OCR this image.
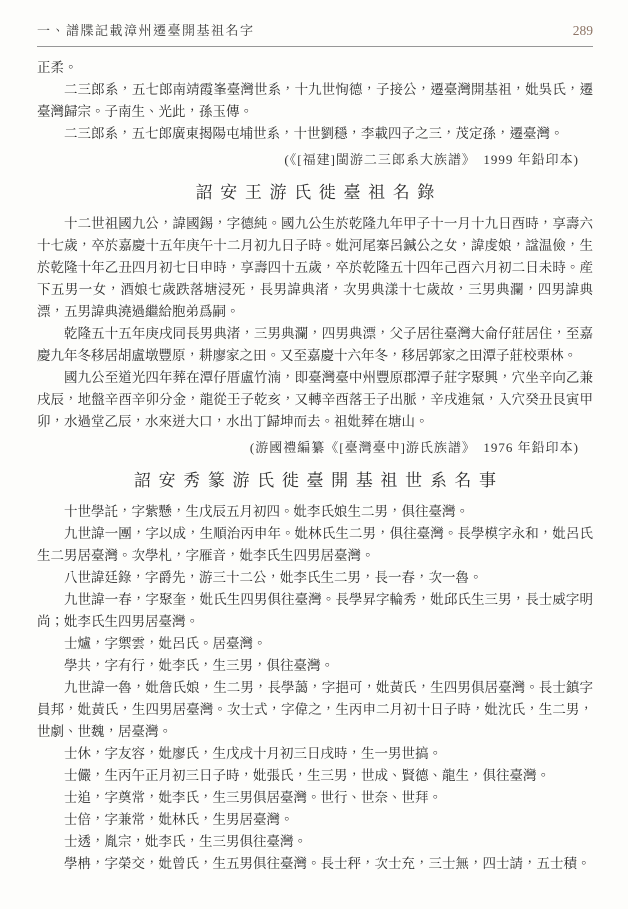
一、譜牒記載漳州遷臺開基祖名字	289

正柔。

二三郎系，五七郎南靖霞峯臺灣世系，十九世恂德，子接公，遷臺灣開基祖，妣吳氏，遷臺灣歸宗。子南生、光此，孫玉傳。

二三郎系，五七郎廣東揭陽屯埔世系，十世劉穩，李載四子之三，茂定孫，遷臺灣。

(《[福建]閩游二三郎系大族譜》　1999 年鉛印本)

詔安王游氏徙臺祖名錄

十二世祖國九公，諱國錫，字德純。國九公生於乾隆九年甲子十一月十九日酉時，享壽六十七歲，卒於嘉慶十五年庚午十二月初九日子時。妣河尾寨呂鍼公之女，諱虔娘，諡温儉，生於乾隆十年乙丑四月初七日申時，享壽四十五歲，卒於乾隆五十四年己酉六月初二日未時。産下五男一女，酒娘七歲跌落塘浸死，長男諱典渚，次男典漾十七歲故，三男典瀾，四男諱典漂，五男諱典澆過繼給胞弟爲嗣。

乾隆五十五年庚戌同長男典渚，三男典瀾，四男典漂，父子居往臺灣大侖仔莊居住，至嘉慶九年冬移居胡盧墩豐原，耕廖家之田。又至嘉慶十六年冬，移居郭家之田潭子莊校栗林。

國九公至道光四年葬在潭仔厝盧竹湳，即臺灣臺中州豐原郡潭子莊字聚興，穴坐辛向乙兼戌辰，地盤辛酉辛卯分金，龍從壬子乾亥，又轉辛酉落壬子出脈，辛戌進氣，入穴癸丑艮寅甲卯，水過堂乙辰，水來迸大口，水出丁歸坤而去。祖妣葬在塘山。

(游國禮編纂《[臺灣臺中]游氏族譜》　1976 年鉛印本)

詔安秀篆游氏徙臺開基祖世系名事

十世學託，字紫懸，生戊辰五月初四。妣李氏娘生二男，俱往臺灣。

九世諱一團，字以成，生順治丙申年。妣林氏生二男，俱往臺灣。長學模字永和，妣呂氏生二男居臺灣。次學札，字雁音，妣李氏生四男居臺灣。

八世諱廷錄，字爵先，游三十二公，妣李氏生二男，長一春，次一魯。

九世諱一春，字聚奎，妣氏生四男俱往臺灣。長學昇字輪秀，妣邱氏生三男，長士威字明尚；妣李氏生四男居臺灣。

士爐，字禦雲，妣呂氏。居臺灣。

學共，字有行，妣李氏，生三男，俱往臺灣。

九世諱一魯，妣詹氏娘，生二男，長學藹，字挹可，妣黃氏，生四男俱居臺灣。長士鎮字員邦，妣黃氏，生四男居臺灣。次士式，字偉之，生丙申二月初十日子時，妣沈氏，生二男，世劇、世魏，居臺灣。

士休，字友容，妣廖氏，生戊戌十月初三日戌時，生一男世搞。

士儼，生丙午正月初三日子時，妣張氏，生三男，世成、賢德、龍生，俱往臺灣。

士追，字奠常，妣李氏，生三男俱居臺灣。世行、世奈、世拜。

士倍，字兼常，妣林氏，生男居臺灣。

士透，胤宗，妣李氏，生三男俱往臺灣。

學柟，字榮交，妣曾氏，生五男俱往臺灣。長士秤，次士充，三士無，四士請，五士積。
